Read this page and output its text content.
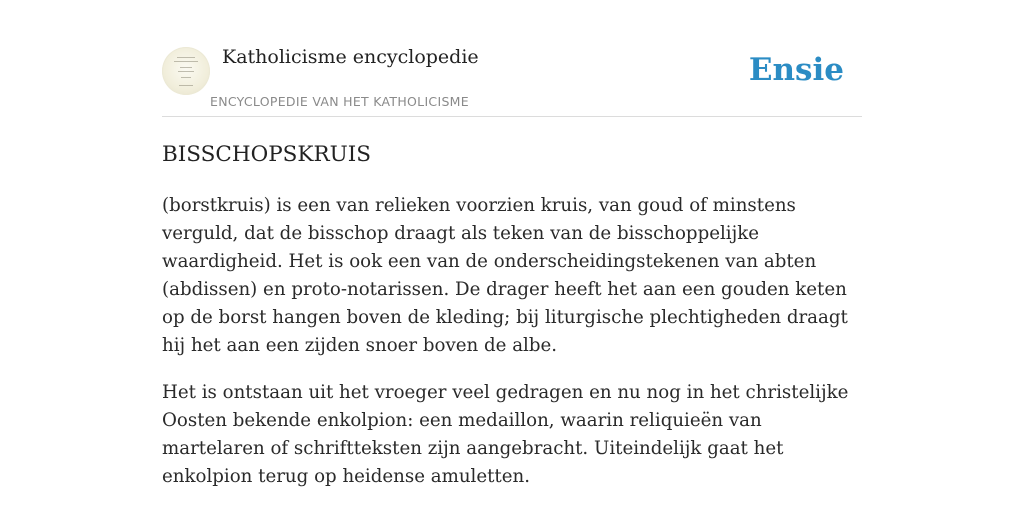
Katholicisme encyclopedie
ENCYCLOPEDIE VAN HET KATHOLICISME
Ensie
BISSCHOPSKRUIS

(borstkruis) is een van relieken voorzien kruis, van goud of minstens verguld, dat de bisschop draagt als teken van de bisschoppelijke waardigheid. Het is ook een van de onderscheidingstekenen van abten (abdissen) en proto-notarissen. De drager heeft het aan een gouden keten op de borst hangen boven de kleding; bij liturgische plechtigheden draagt hij het aan een zijden snoer boven de albe.

Het is ontstaan uit het vroeger veel gedragen en nu nog in het christelijke Oosten bekende enkolpion: een medaillon, waarin reliquieën van martelaren of schriftteksten zijn aangebracht. Uiteindelijk gaat het enkolpion terug op heidense amuletten.
